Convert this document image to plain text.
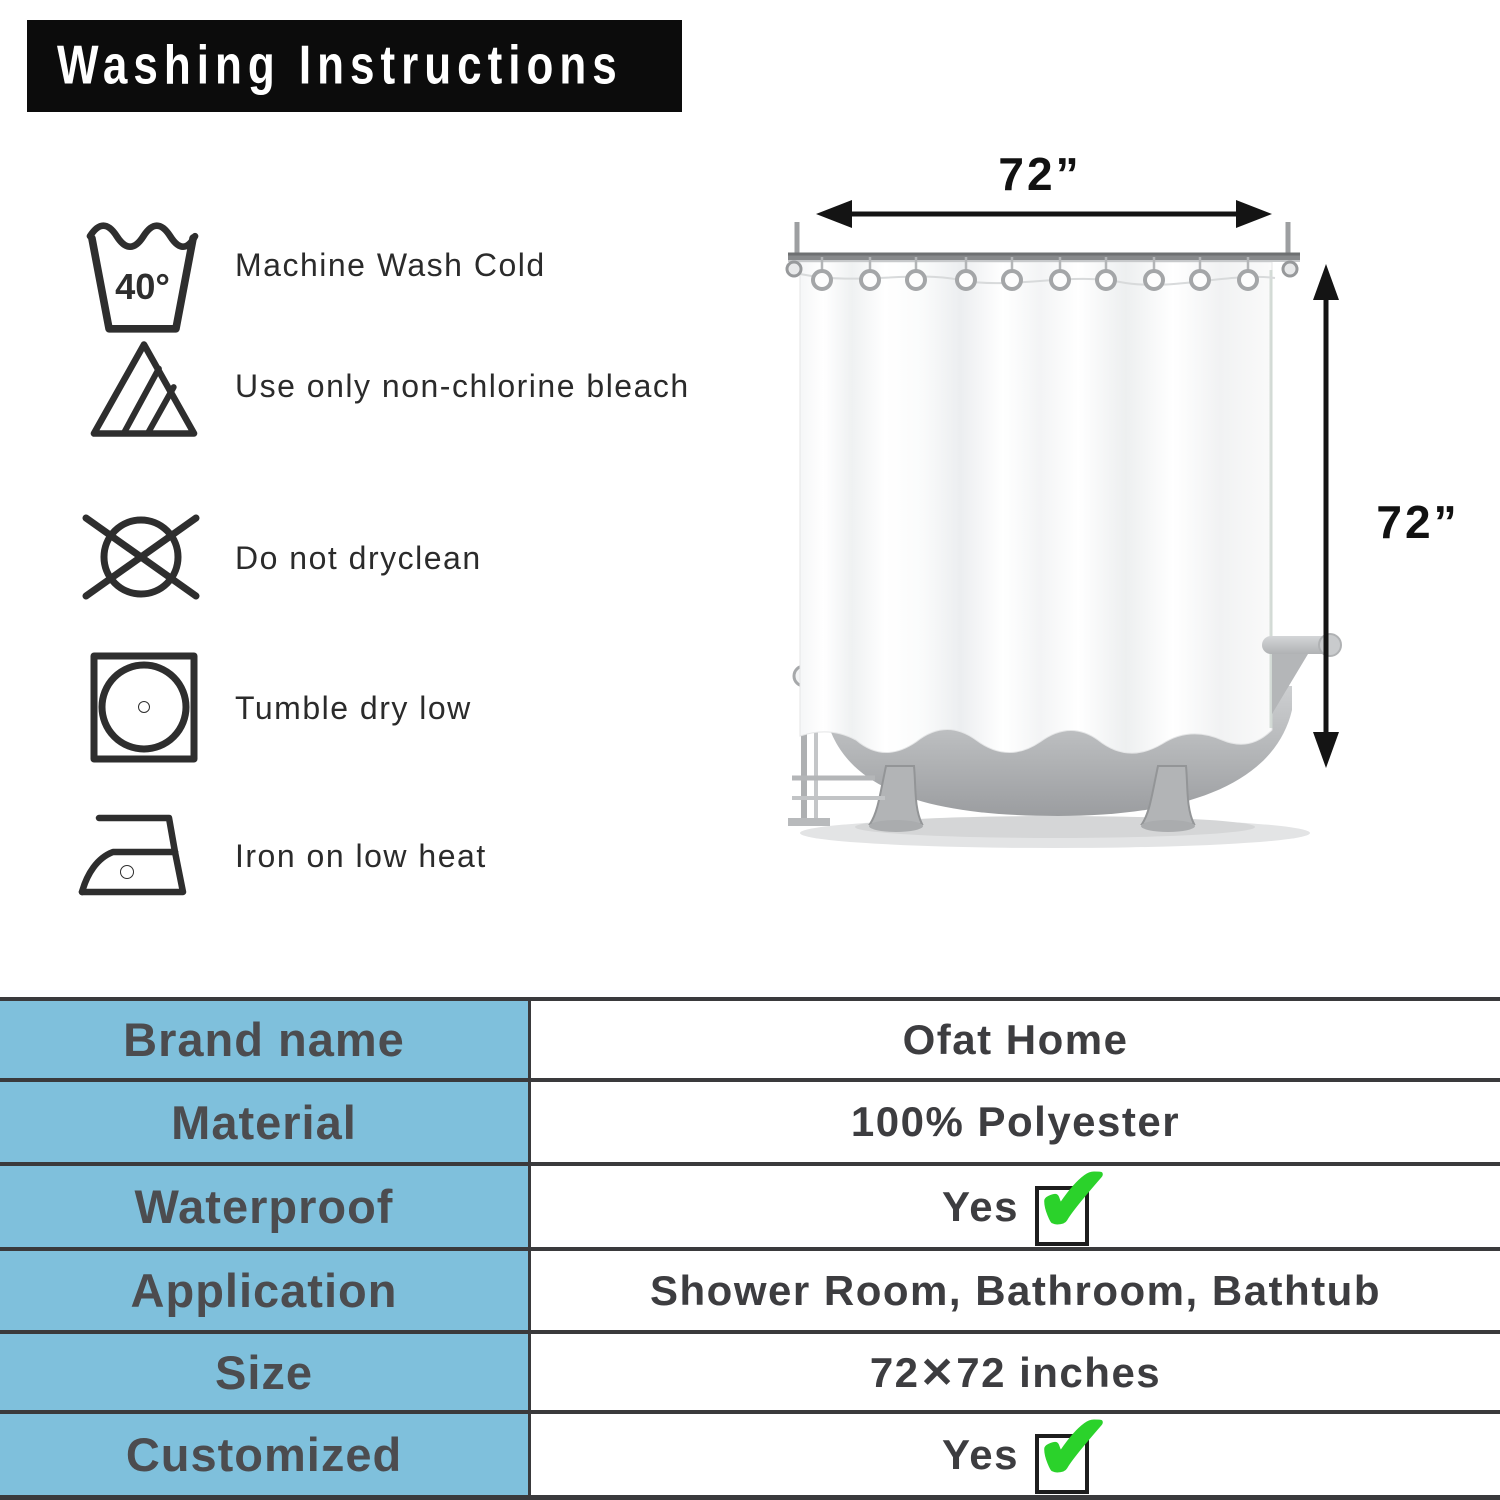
Washing Instructions
40°
Machine Wash Cold
Use only non-chlorine bleach
Do not dryclean
Tumble dry low
Iron on low heat
72”
72”
Brand name	Ofat Home
Material	100% Polyester
Waterproof	Yes ✔
Application	Shower Room, Bathroom, Bathtub
Size	72✕72 inches
Customized	Yes ✔
